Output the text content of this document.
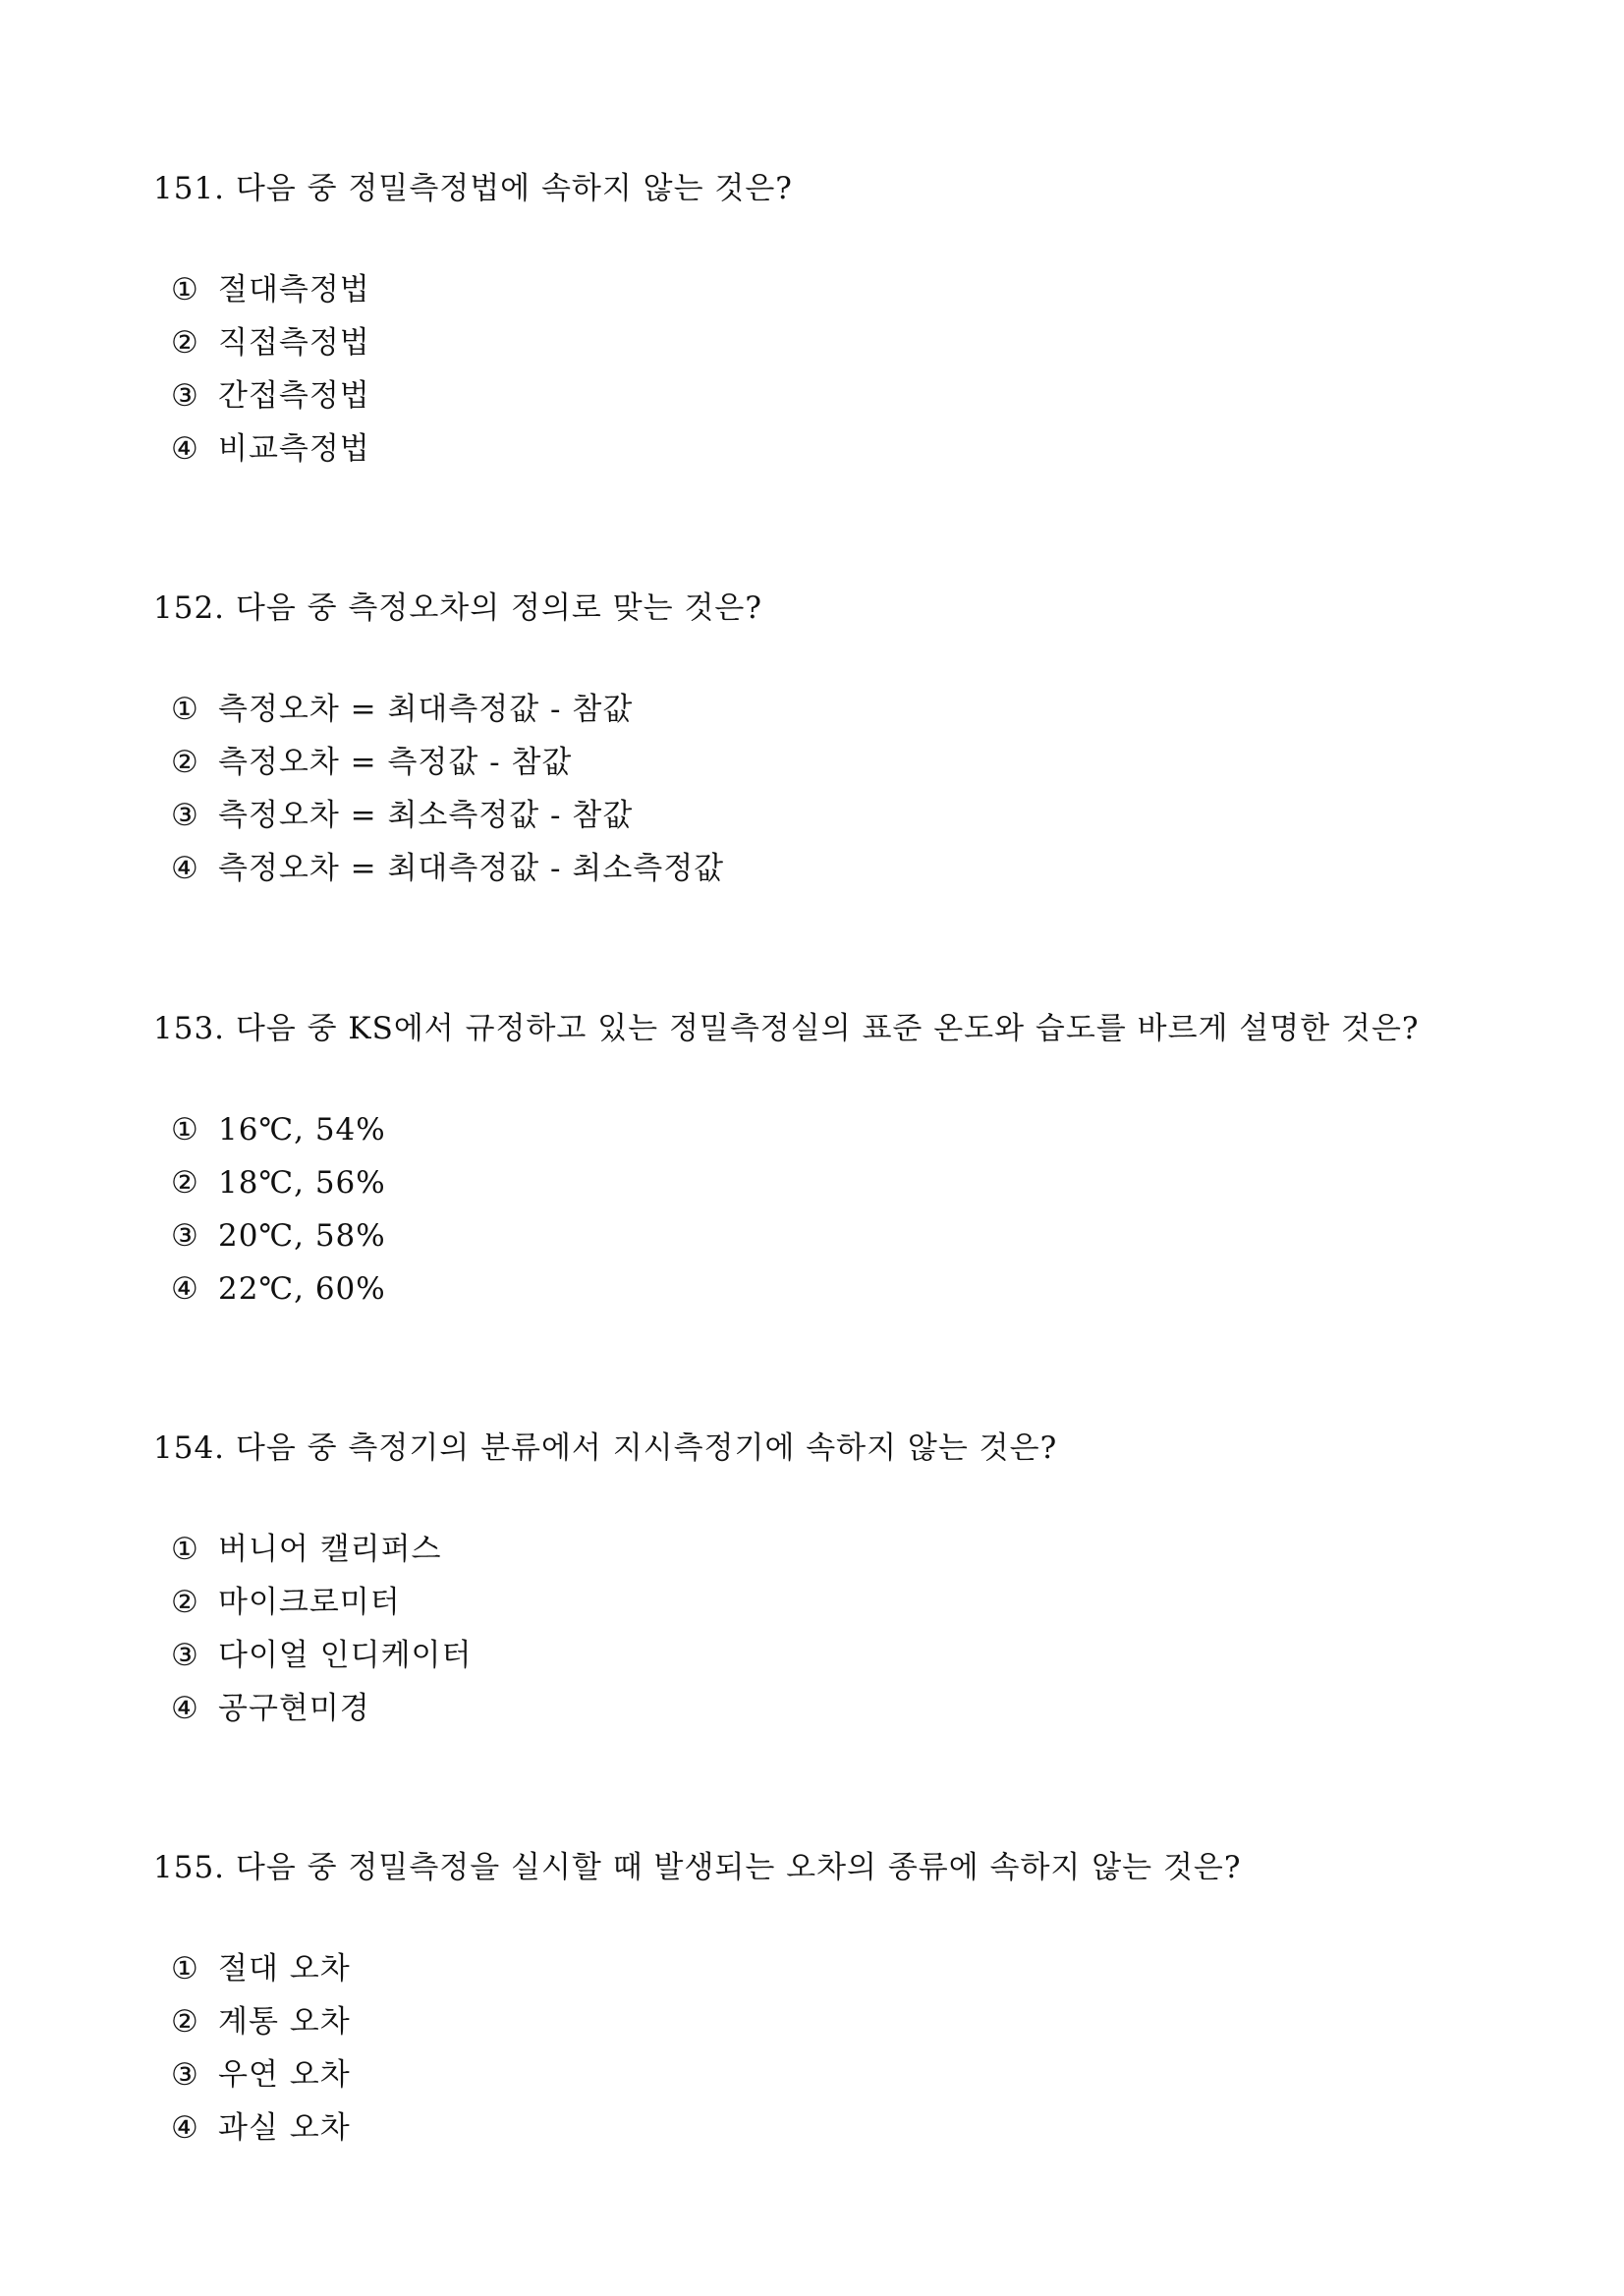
151. 다음 중 정밀측정법에 속하지 않는 것은?
① 절대측정법
② 직접측정법
③ 간접측정법
④ 비교측정법
152. 다음 중 측정오차의 정의로 맞는 것은?
① 측정오차 = 최대측정값 - 참값
② 측정오차 = 측정값 - 참값
③ 측정오차 = 최소측정값 - 참값
④ 측정오차 = 최대측정값 - 최소측정값
153. 다음 중 KS에서 규정하고 있는 정밀측정실의 표준 온도와 습도를 바르게 설명한 것은?
① 16℃, 54%
② 18℃, 56%
③ 20℃, 58%
④ 22℃, 60%
154. 다음 중 측정기의 분류에서 지시측정기에 속하지 않는 것은?
① 버니어 캘리퍼스
② 마이크로미터
③ 다이얼 인디케이터
④ 공구현미경
155. 다음 중 정밀측정을 실시할 때 발생되는 오차의 종류에 속하지 않는 것은?
① 절대 오차
② 계통 오차
③ 우연 오차
④ 과실 오차
